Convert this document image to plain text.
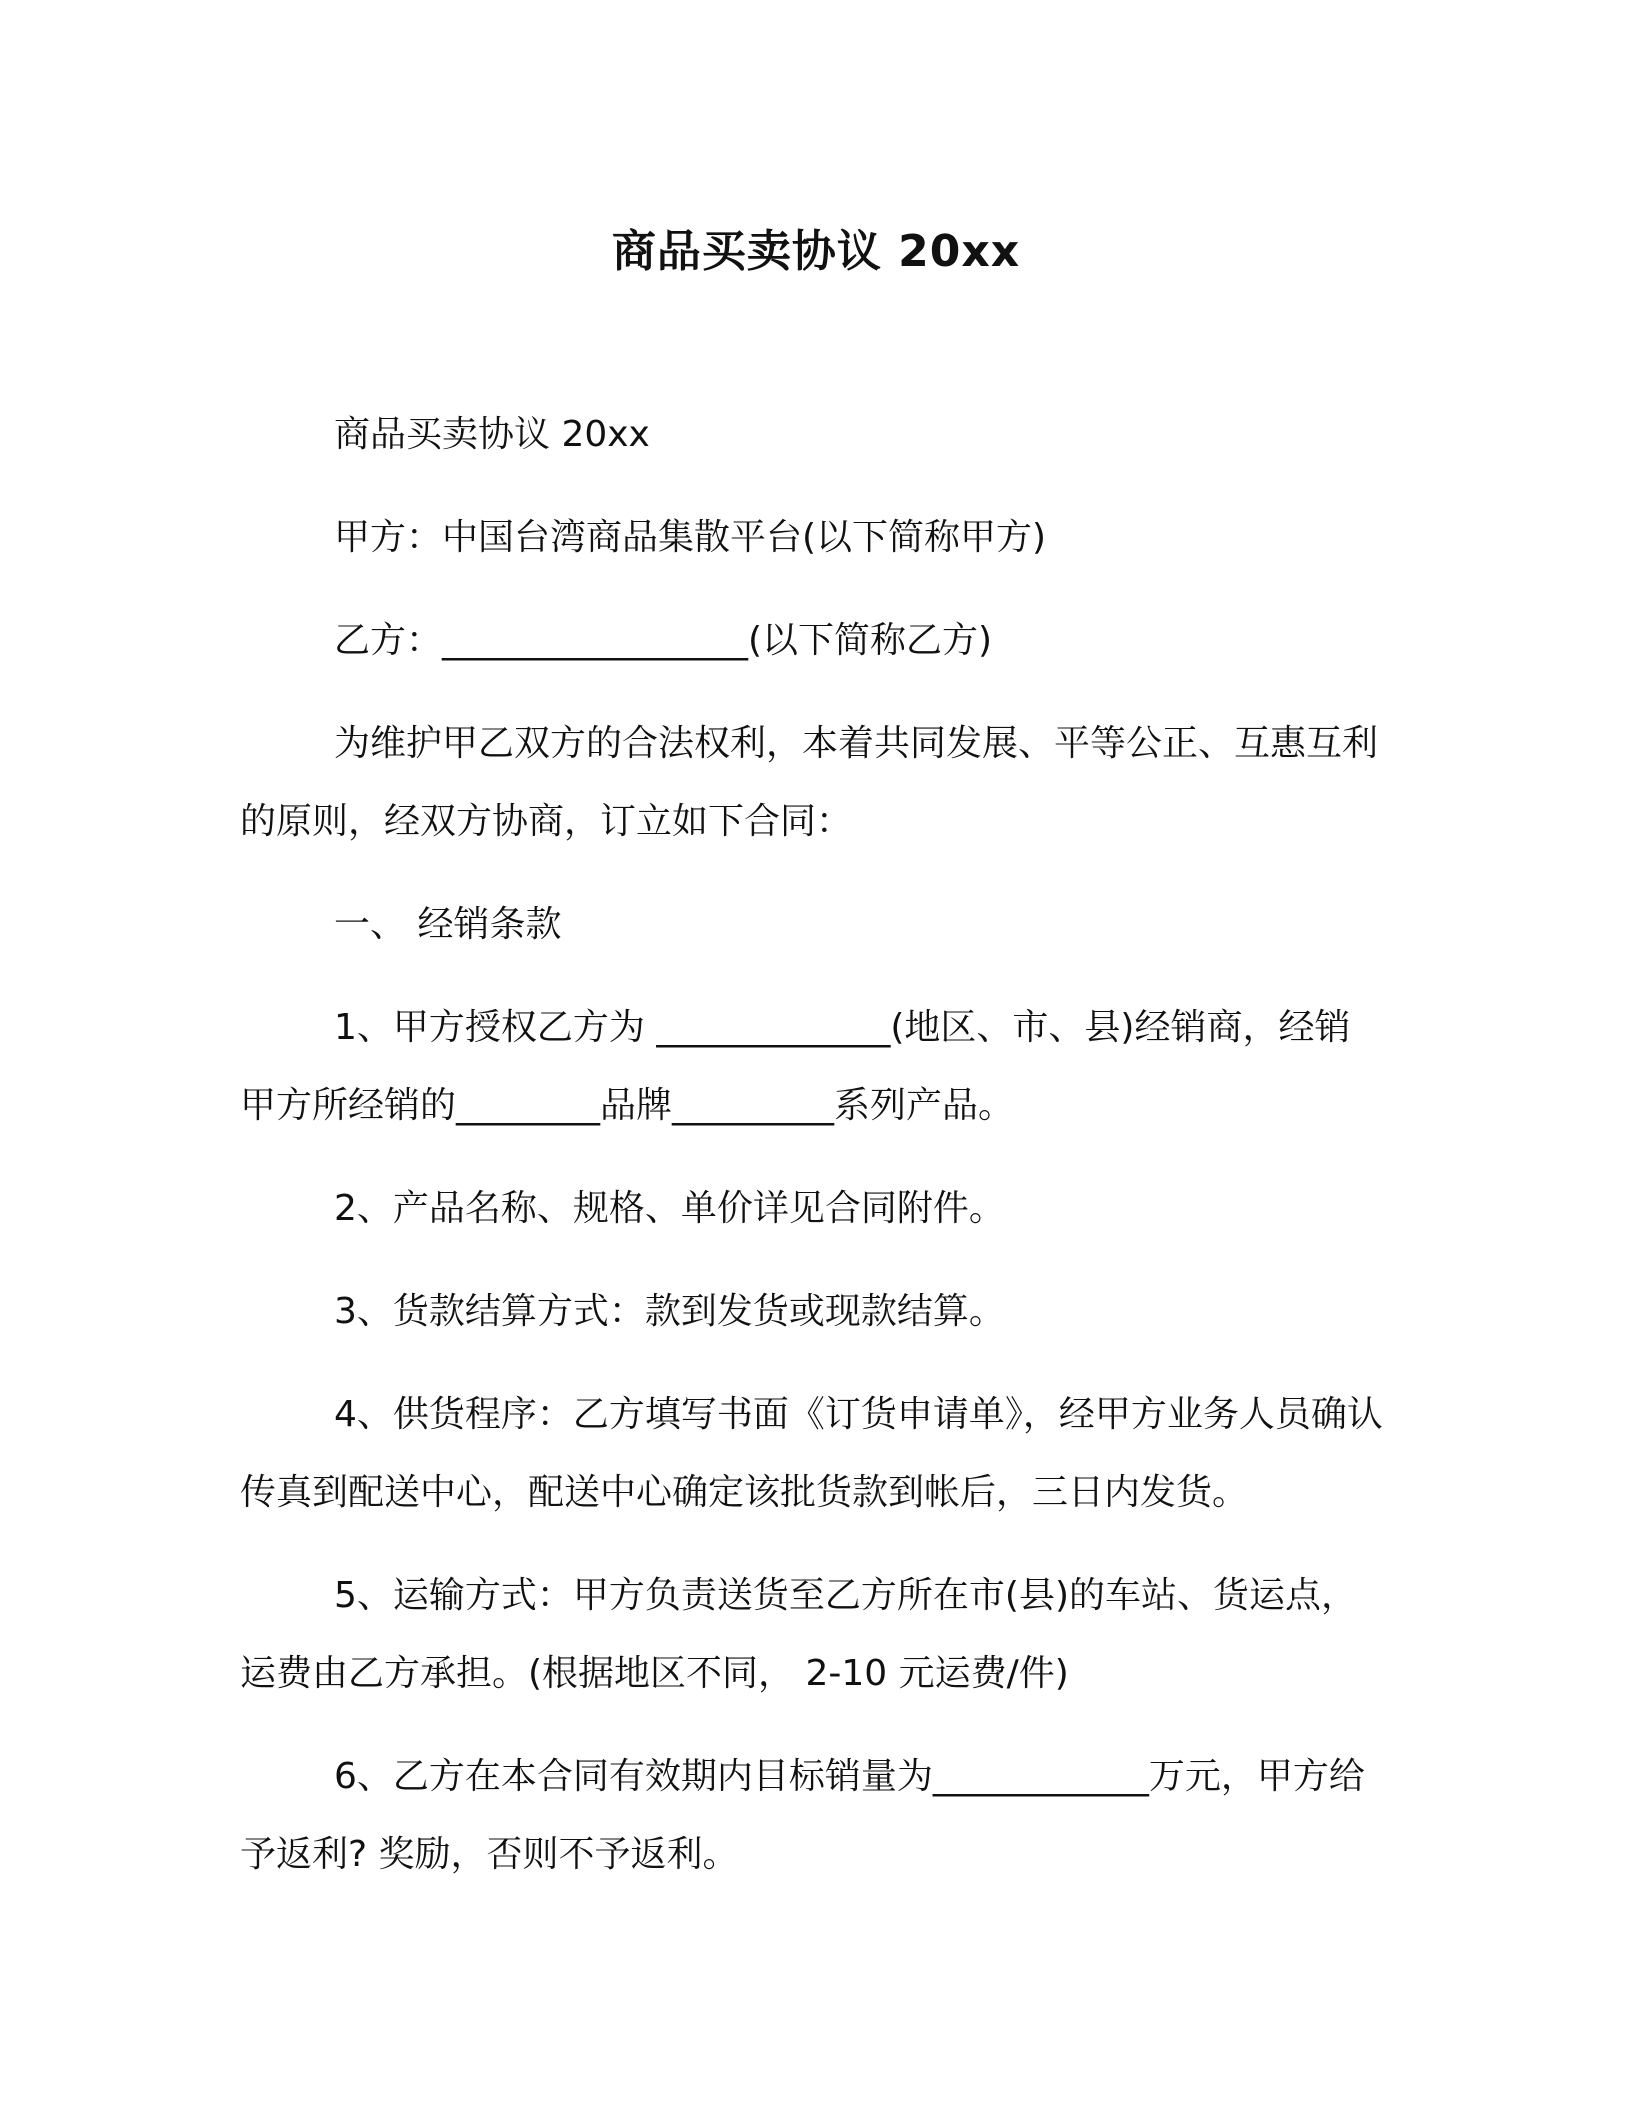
商品买卖协议 20xx

商品买卖协议 20xx

甲方：中国台湾商品集散平台(以下简称甲方)

乙方：_________________(以下简称乙方)

为维护甲乙双方的合法权利，本着共同发展、平等公正、互惠互利的原则，经双方协商，订立如下合同：

一、 经销条款

1、甲方授权乙方为 _____________(地区、市、县)经销商，经销甲方所经销的________品牌_________系列产品。

2、产品名称、规格、单价详见合同附件。

3、货款结算方式：款到发货或现款结算。

4、供货程序：乙方填写书面《订货申请单》，经甲方业务人员确认传真到配送中心，配送中心确定该批货款到帐后，三日内发货。

5、运输方式：甲方负责送货至乙方所在市(县)的车站、货运点，运费由乙方承担。(根据地区不同， 2-10 元运费/件)

6、乙方在本合同有效期内目标销量为____________万元，甲方给予返利? 奖励，否则不予返利。
